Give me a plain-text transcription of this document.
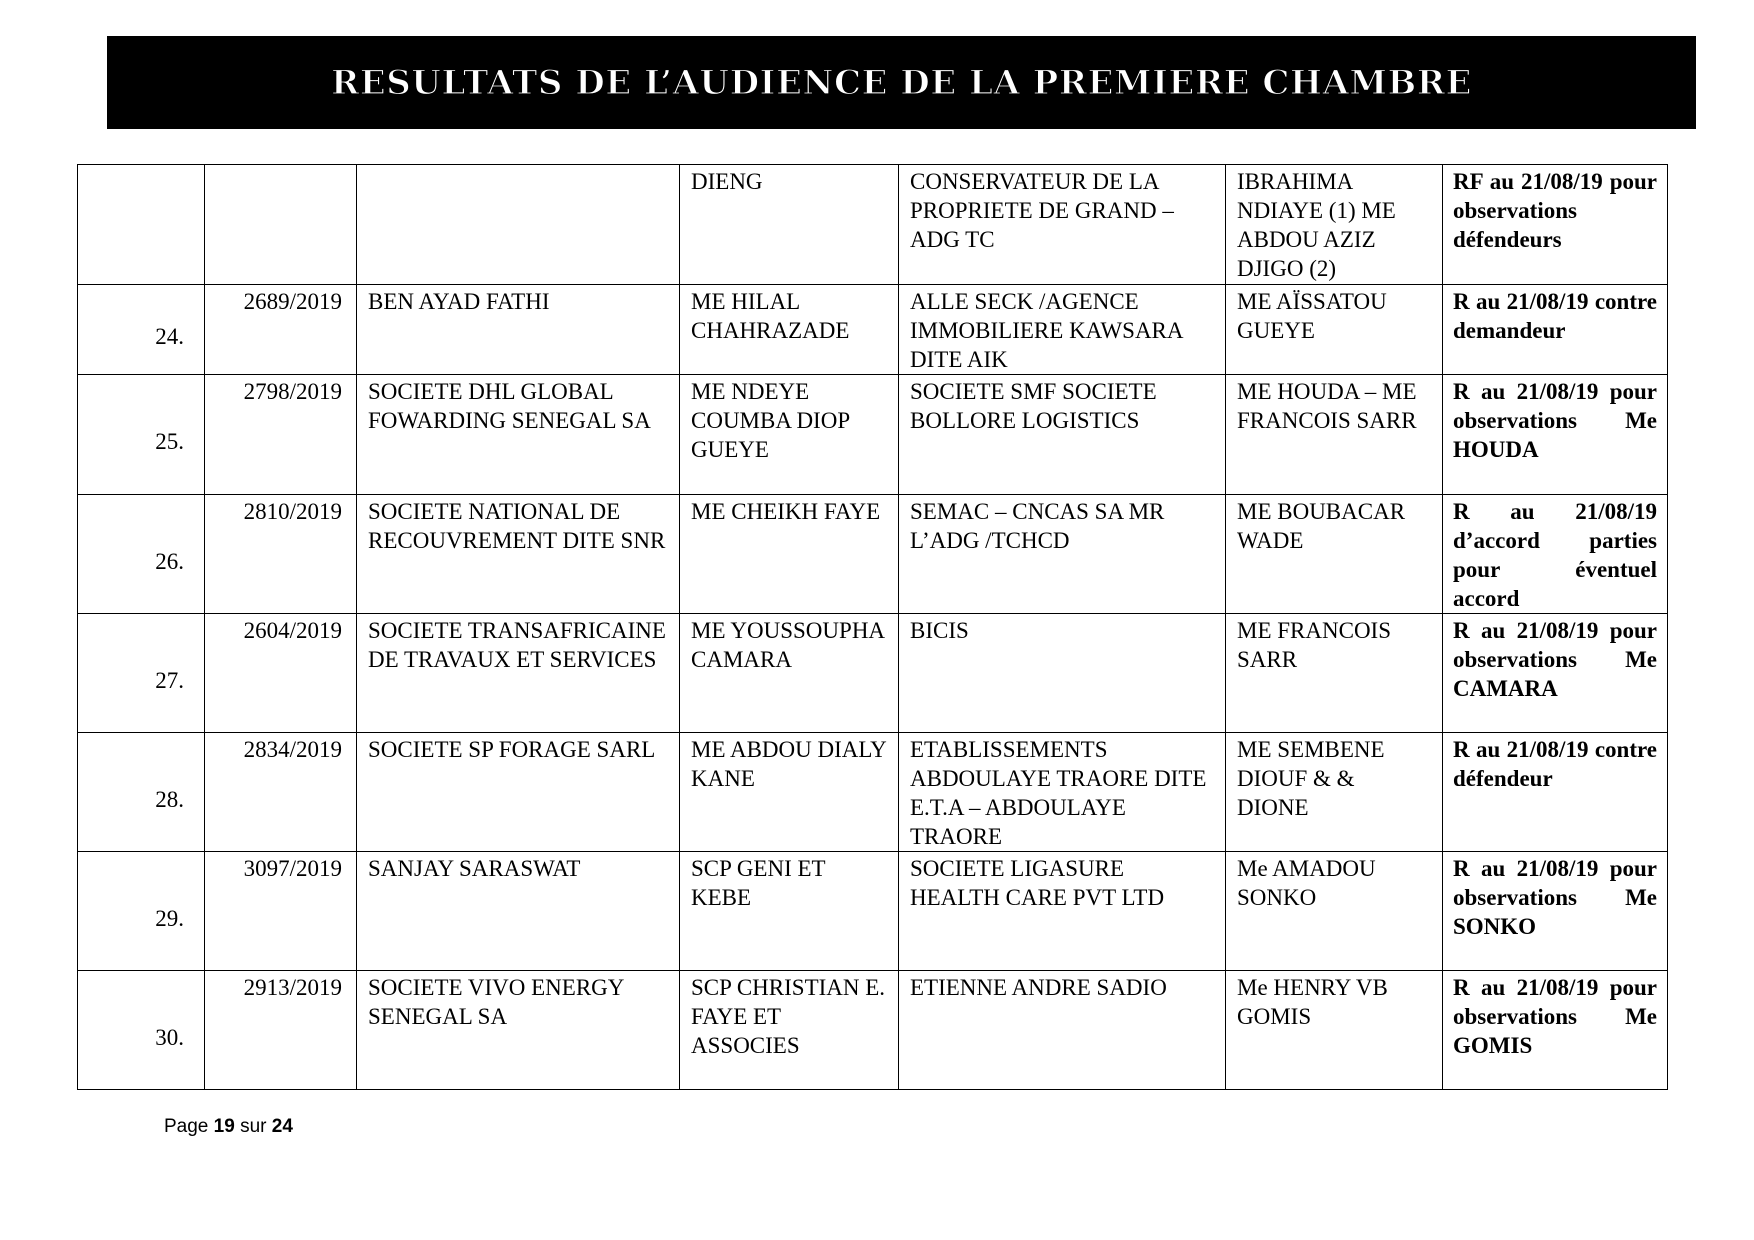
RESULTATS DE L’AUDIENCE DE LA PREMIERE CHAMBRE
			DIENG	CONSERVATEUR DE LA PROPRIETE DE GRAND – ADG TC	IBRAHIMA NDIAYE (1) ME ABDOU AZIZ DJIGO (2)	RF au 21/08/19 pour observations défendeurs
24.	2689/2019	BEN AYAD FATHI	ME HILAL CHAHRAZADE	ALLE SECK /AGENCE IMMOBILIERE KAWSARA DITE AIK	ME AÏSSATOU GUEYE	R au 21/08/19 contre demandeur
25.	2798/2019	SOCIETE DHL GLOBAL FOWARDING SENEGAL SA	ME NDEYE COUMBA DIOP GUEYE	SOCIETE SMF SOCIETE BOLLORE LOGISTICS	ME HOUDA – ME FRANCOIS SARR	R au 21/08/19 pour observations Me HOUDA
26.	2810/2019	SOCIETE NATIONAL DE RECOUVREMENT DITE SNR	ME CHEIKH FAYE	SEMAC – CNCAS SA MR L’ADG /TCHCD	ME BOUBACAR WADE	R au 21/08/19 d’accord parties pour éventuel accord
27.	2604/2019	SOCIETE TRANSAFRICAINE DE TRAVAUX ET SERVICES	ME YOUSSOUPHA CAMARA	BICIS	ME FRANCOIS SARR	R au 21/08/19 pour observations Me CAMARA
28.	2834/2019	SOCIETE SP FORAGE SARL	ME ABDOU DIALY KANE	ETABLISSEMENTS ABDOULAYE TRAORE DITE E.T.A – ABDOULAYE TRAORE	ME SEMBENE DIOUF & & DIONE	R au 21/08/19 contre défendeur
29.	3097/2019	SANJAY SARASWAT	SCP GENI ET KEBE	SOCIETE LIGASURE HEALTH CARE PVT LTD	Me AMADOU SONKO	R au 21/08/19 pour observations Me SONKO
30.	2913/2019	SOCIETE VIVO ENERGY SENEGAL SA	SCP CHRISTIAN E. FAYE ET ASSOCIES	ETIENNE ANDRE SADIO	Me HENRY VB GOMIS	R au 21/08/19 pour observations Me GOMIS
Page 19 sur 24
